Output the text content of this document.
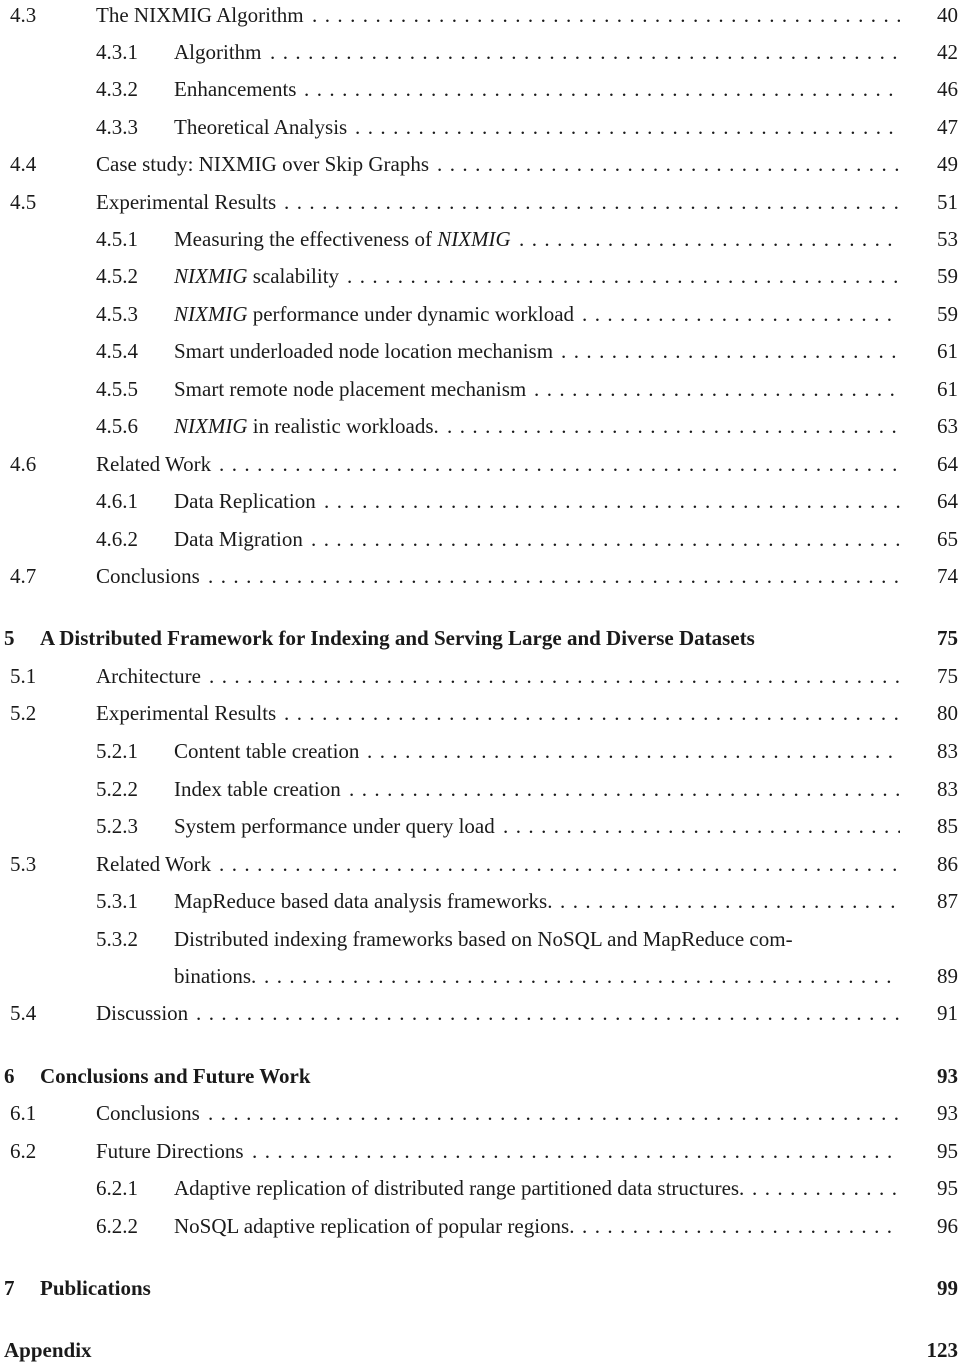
4.3	The NIXMIG Algorithm	40
. . .
4.3.1 Algorithm	42
. . .
4.3.2 Enhancements	46
. . .
4.3.3 Theoretical Analysis	47
. . .
4.4	Case study: NIXMIG over Skip Graphs	49
. . .
4.5	Experimental Results	51
. . .
4.5.1 Measuring the effectiveness of NIXMIG	53
. . .
4.5.2 NIXMIG scalability	59
. . .
4.5.3 NIXMIG performance under dynamic workload	59
. . .
4.5.4 Smart underloaded node location mechanism	61
. . .
4.5.5 Smart remote node placement mechanism	61
. . .
4.5.6 NIXMIG in realistic workloads.	63
. . .
4.6	Related Work	64
. . .
4.6.1 Data Replication	64
. . .
4.6.2 Data Migration	65
. . .
4.7	Conclusions	74
. . .
5 A Distributed Framework for Indexing and Serving Large and Diverse Datasets	75
5.1	Architecture	75
. . .
5.2	Experimental Results	80
. . .
5.2.1 Content table creation	83
. . .
5.2.2 Index table creation	83
. . .
5.2.3 System performance under query load	85
. . .
5.3	Related Work	86
. . .
5.3.1 MapReduce based data analysis frameworks.	87
. . .
5.3.2 Distributed indexing frameworks based on NoSQL and MapReduce com-
binations.	89
. . .
5.4	Discussion	91
. . .
6 Conclusions and Future Work	93
6.1	Conclusions	93
. . .
6.2	Future Directions	95
. . .
6.2.1 Adaptive replication of distributed range partitioned data structures.	95
. . .
6.2.2 NoSQL adaptive replication of popular regions.	96
. . .
7 Publications	99
Appendix	123
